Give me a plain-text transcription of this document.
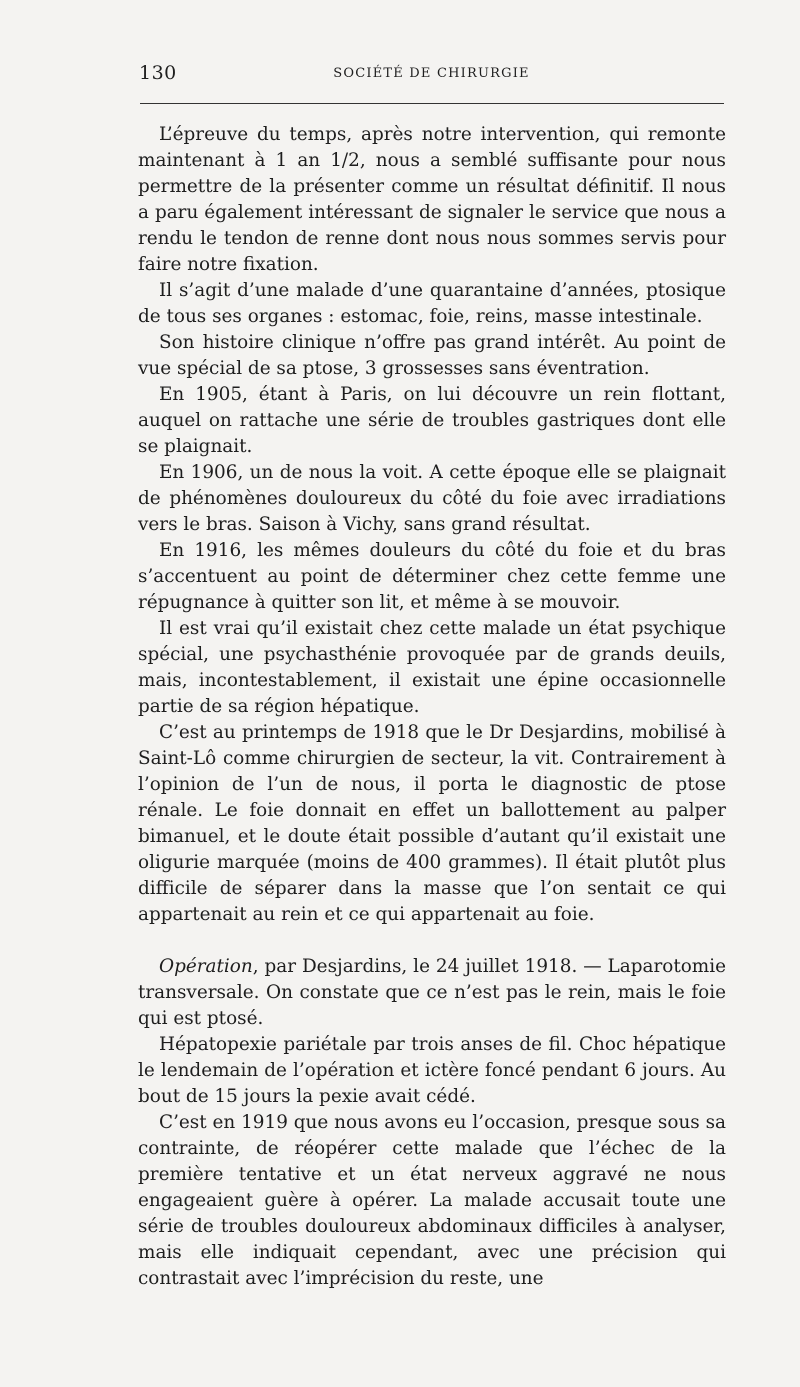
130	SOCIÉTÉ DE CHIRURGIE

L’épreuve du temps, après notre intervention, qui remonte maintenant à 1 an 1/2, nous a semblé suffisante pour nous permettre de la présenter comme un résultat définitif. Il nous a paru également intéressant de signaler le service que nous a rendu le tendon de renne dont nous nous sommes servis pour faire notre fixation.

Il s’agit d’une malade d’une quarantaine d’années, ptosique de tous ses organes : estomac, foie, reins, masse intestinale.

Son histoire clinique n’offre pas grand intérêt. Au point de vue spécial de sa ptose, 3 grossesses sans éventration.

En 1905, étant à Paris, on lui découvre un rein flottant, auquel on rattache une série de troubles gastriques dont elle se plaignait.

En 1906, un de nous la voit. A cette époque elle se plaignait de phénomènes douloureux du côté du foie avec irradiations vers le bras. Saison à Vichy, sans grand résultat.

En 1916, les mêmes douleurs du côté du foie et du bras s’accentuent au point de déterminer chez cette femme une répugnance à quitter son lit, et même à se mouvoir.

Il est vrai qu’il existait chez cette malade un état psychique spécial, une psychasthénie provoquée par de grands deuils, mais, incontestablement, il existait une épine occasionnelle partie de sa région hépatique.

C’est au printemps de 1918 que le Dr Desjardins, mobilisé à Saint-Lô comme chirurgien de secteur, la vit. Contrairement à l’opinion de l’un de nous, il porta le diagnostic de ptose rénale. Le foie donnait en effet un ballottement au palper bimanuel, et le doute était possible d’autant qu’il existait une oligurie marquée (moins de 400 grammes). Il était plutôt plus difficile de séparer dans la masse que l’on sentait ce qui appartenait au rein et ce qui appartenait au foie.

Opération, par Desjardins, le 24 juillet 1918. — Laparotomie transversale. On constate que ce n’est pas le rein, mais le foie qui est ptosé.

Hépatopexie pariétale par trois anses de fil. Choc hépatique le lendemain de l’opération et ictère foncé pendant 6 jours. Au bout de 15 jours la pexie avait cédé.

C’est en 1919 que nous avons eu l’occasion, presque sous sa contrainte, de réopérer cette malade que l’échec de la première tentative et un état nerveux aggravé ne nous engageaient guère à opérer. La malade accusait toute une série de troubles douloureux abdominaux difficiles à analyser, mais elle indiquait cependant, avec une précision qui contrastait avec l’imprécision du reste, une
